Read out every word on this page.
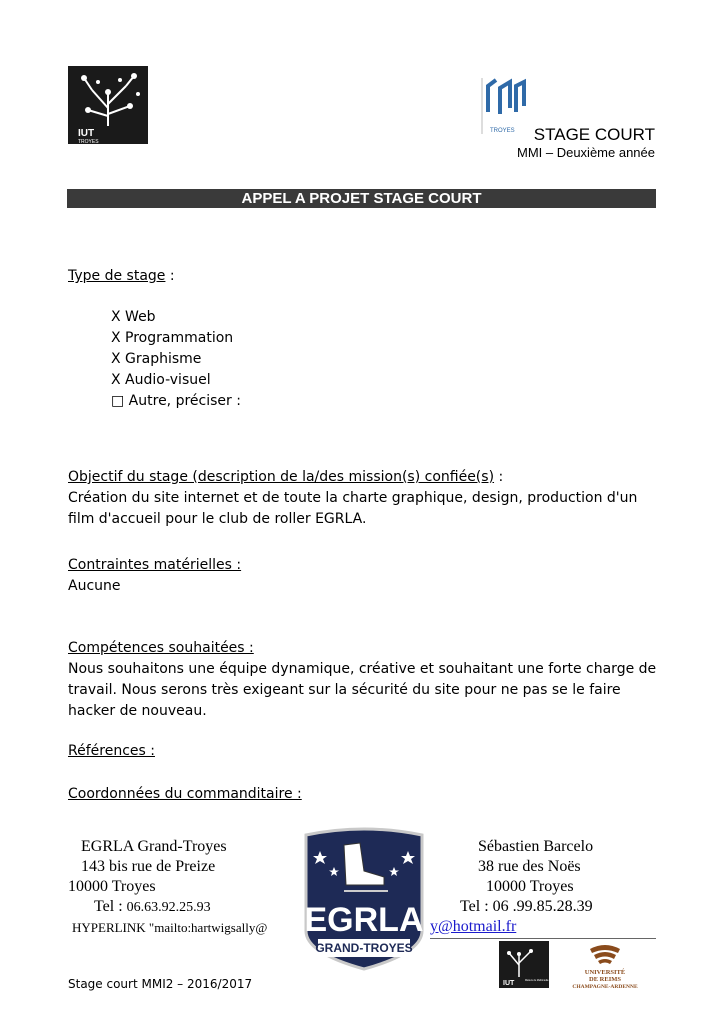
IUT
TROYES
TROYES STAGE COURT
MMI – Deuxième année
APPEL A PROJET STAGE COURT
Type de stage :
X Web
X Programmation
X Graphisme
X Audio-visuel
□ Autre, préciser :
Objectif du stage (description de la/des mission(s) confiée(s) :
Création du site internet et de toute la charte graphique, design, production d'un
film d'accueil pour le club de roller EGRLA.
Contraintes matérielles :
Aucune
Compétences souhaitées :
Nous souhaitons une équipe dynamique, créative et souhaitant une forte charge de
travail. Nous serons très exigeant sur la sécurité du site pour ne pas se le faire
hacker de nouveau.
Références :
Coordonnées du commanditaire :
EGRLA Grand-Troyes
143 bis rue de Preize
10000 Troyes
Tel : 06.63.92.25.93
HYPERLINK "mailto:hartwigsally@ EGRLA
GRAND-TROYES
Sébastien Barcelo
38 rue des Noës
10000 Troyes
Tel : 06 .99.85.28.39
y@hotmail.fr
Stage court MMI2 – 2016/2017	IUT	Métiers du Multimédia et de l'Internet
UNIVERSITÉ
DE REIMS
CHAMPAGNE-ARDENNE
